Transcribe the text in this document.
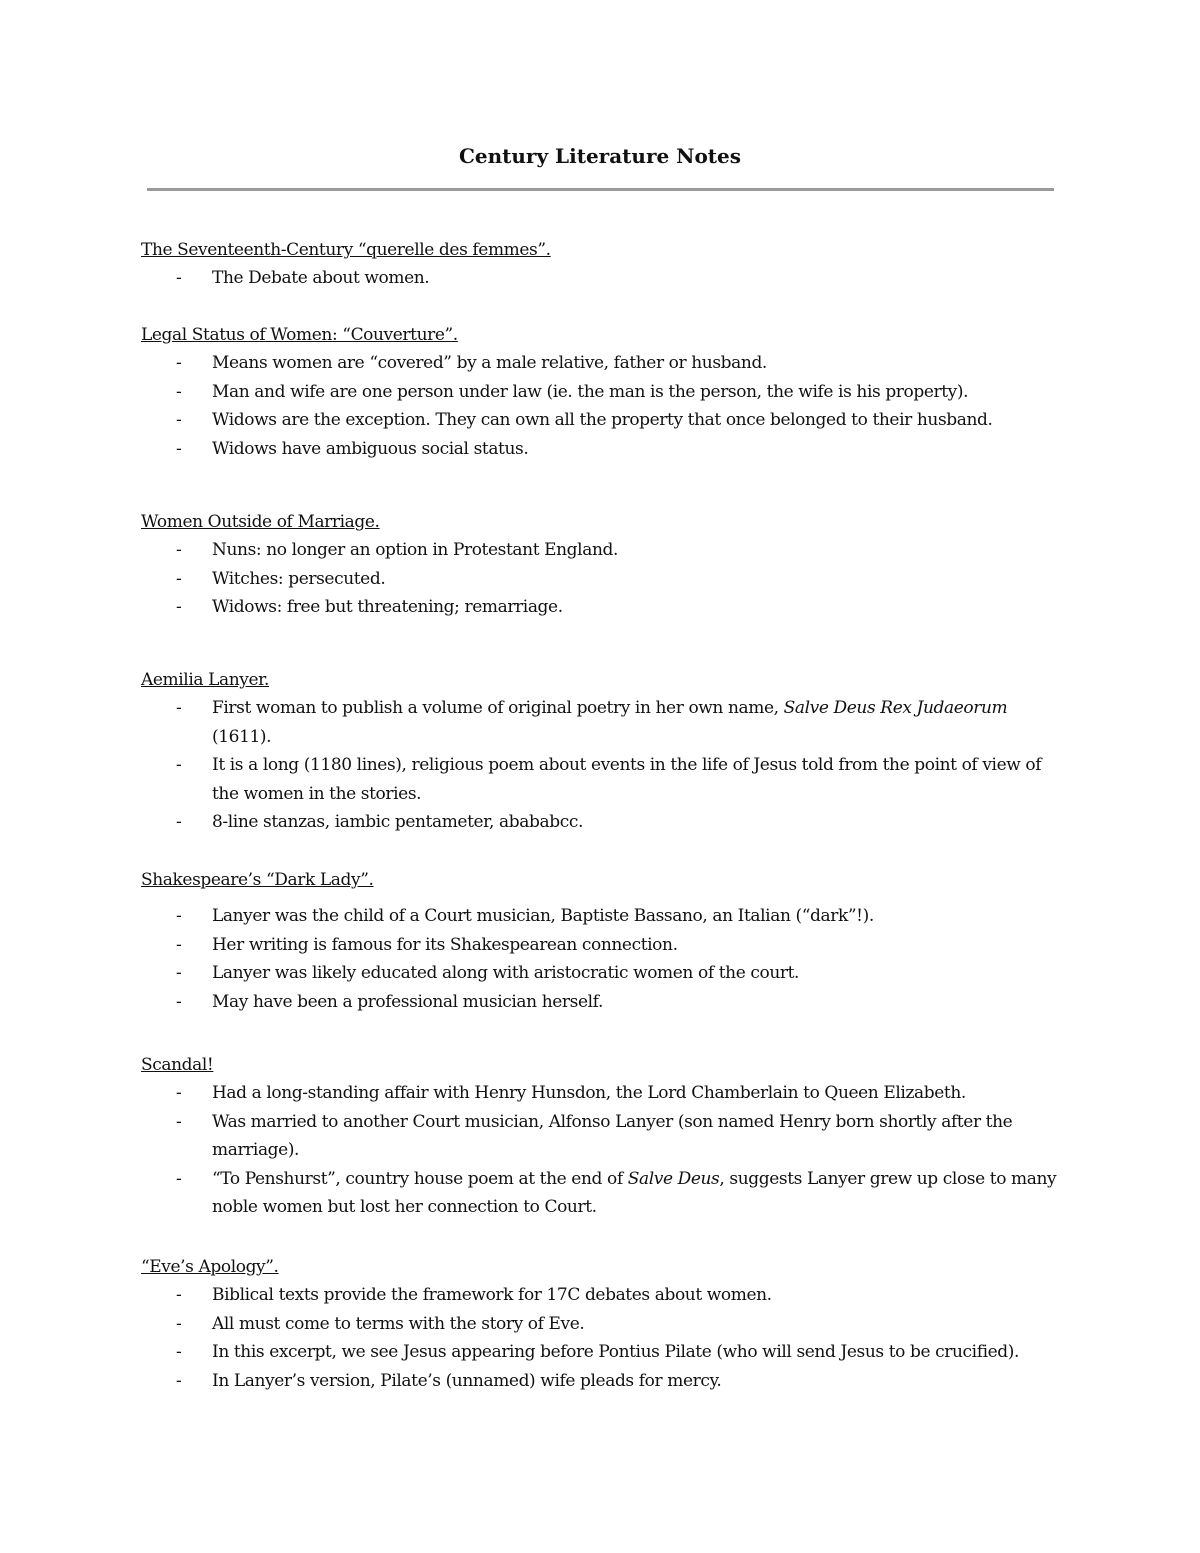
Century Literature Notes
The Seventeenth-Century “querelle des femmes”.
- The Debate about women.
Legal Status of Women: “Couverture”.
- Means women are “covered” by a male relative, father or husband.
- Man and wife are one person under law (ie. the man is the person, the wife is his property).
- Widows are the exception. They can own all the property that once belonged to their husband.
- Widows have ambiguous social status.
Women Outside of Marriage.
- Nuns: no longer an option in Protestant England.
- Witches: persecuted.
- Widows: free but threatening; remarriage.
Aemilia Lanyer.
- First woman to publish a volume of original poetry in her own name, Salve Deus Rex Judaeorum (1611).
- It is a long (1180 lines), religious poem about events in the life of Jesus told from the point of view of the women in the stories.
- 8-line stanzas, iambic pentameter, abababcc.
Shakespeare’s “Dark Lady”.
- Lanyer was the child of a Court musician, Baptiste Bassano, an Italian (“dark”!).
- Her writing is famous for its Shakespearean connection.
- Lanyer was likely educated along with aristocratic women of the court.
- May have been a professional musician herself.
Scandal!
- Had a long-standing affair with Henry Hunsdon, the Lord Chamberlain to Queen Elizabeth.
- Was married to another Court musician, Alfonso Lanyer (son named Henry born shortly after the marriage).
- “To Penshurst”, country house poem at the end of Salve Deus, suggests Lanyer grew up close to many noble women but lost her connection to Court.
“Eve’s Apology”.
- Biblical texts provide the framework for 17C debates about women.
- All must come to terms with the story of Eve.
- In this excerpt, we see Jesus appearing before Pontius Pilate (who will send Jesus to be crucified).
- In Lanyer’s version, Pilate’s (unnamed) wife pleads for mercy.
